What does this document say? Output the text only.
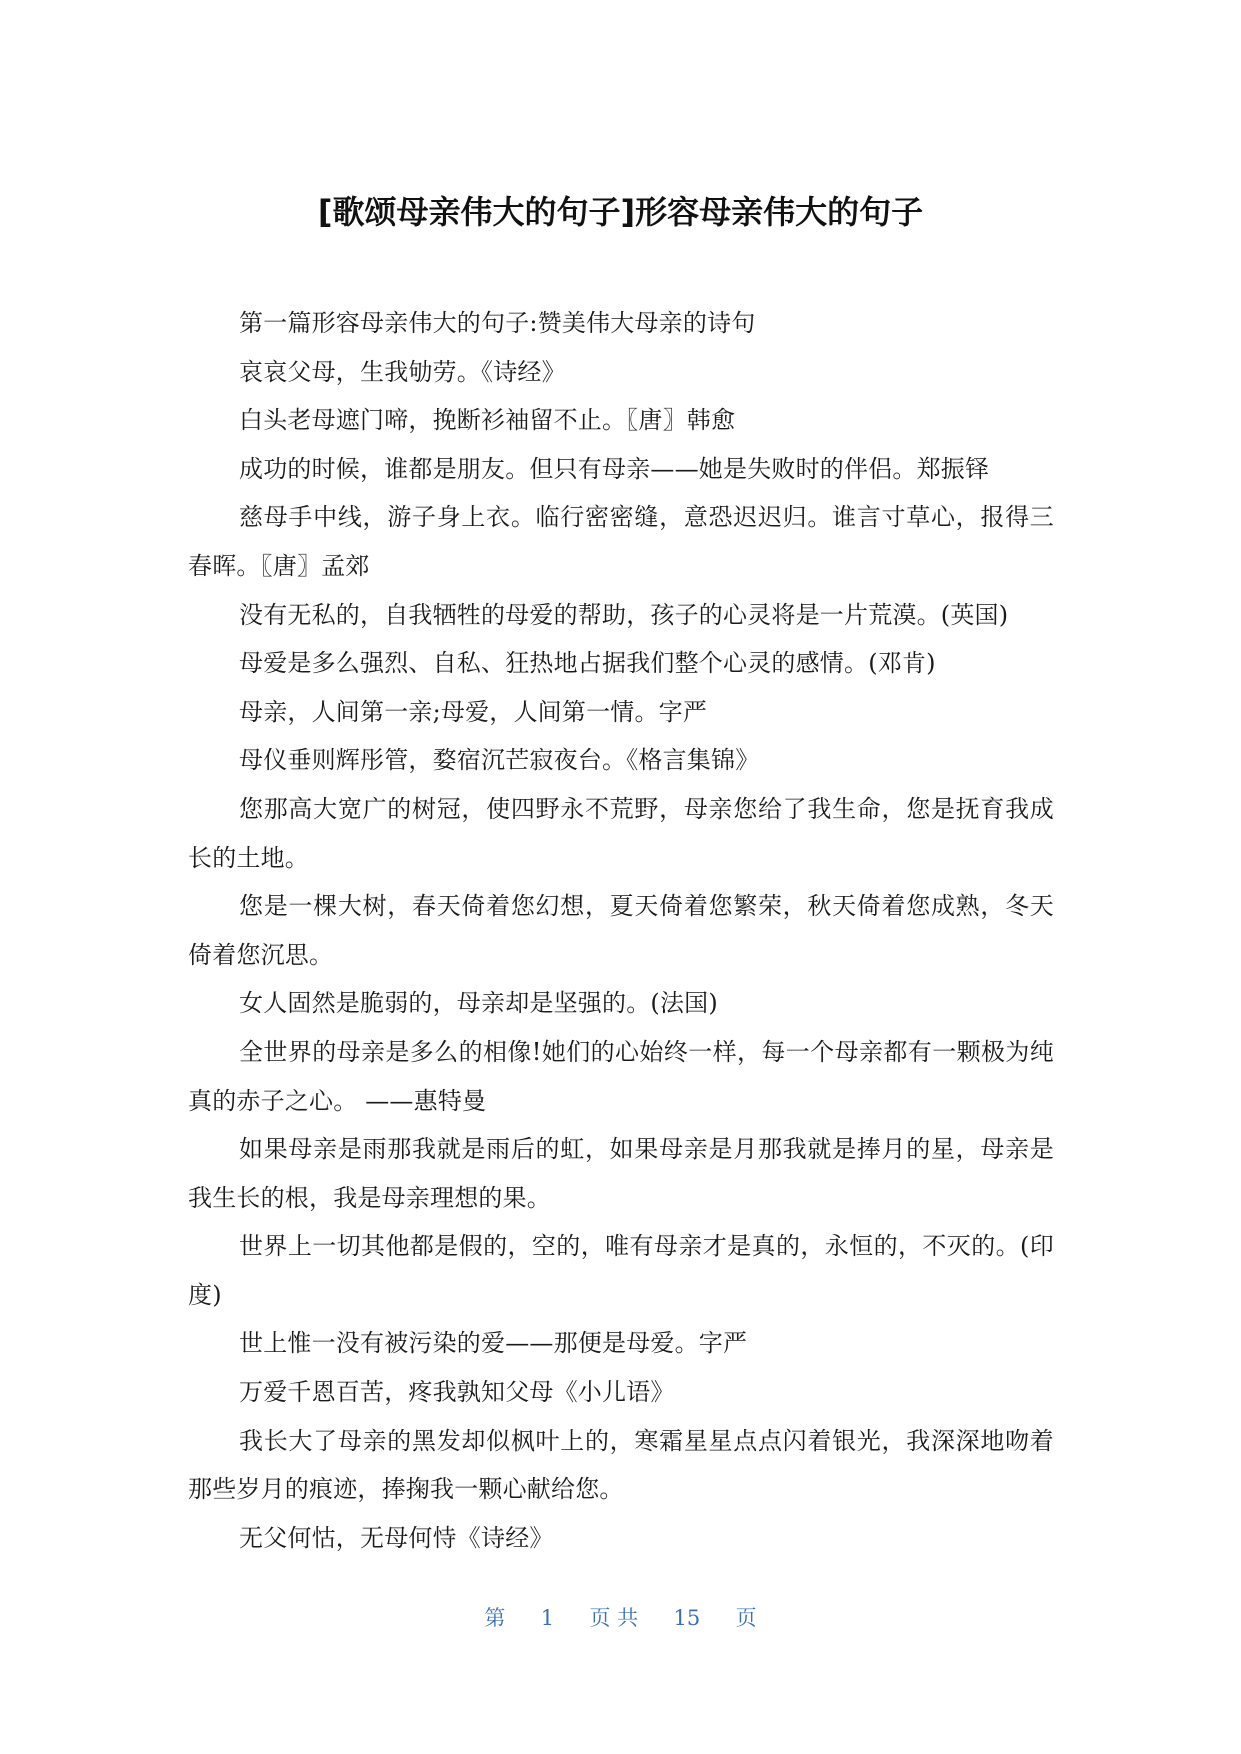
[歌颂母亲伟大的句子]形容母亲伟大的句子

第一篇形容母亲伟大的句子:赞美伟大母亲的诗句

哀哀父母，生我劬劳。《诗经》

白头老母遮门啼，挽断衫袖留不止。〖唐〗韩愈

成功的时候，谁都是朋友。但只有母亲——她是失败时的伴侣。郑振铎

慈母手中线，游子身上衣。临行密密缝，意恐迟迟归。谁言寸草心，报得三春晖。〖唐〗孟郊

没有无私的，自我牺牲的母爱的帮助，孩子的心灵将是一片荒漠。(英国)

母爱是多么强烈、自私、狂热地占据我们整个心灵的感情。(邓肯)

母亲，人间第一亲;母爱，人间第一情。字严

母仪垂则辉彤管，婺宿沉芒寂夜台。《格言集锦》

您那高大宽广的树冠，使四野永不荒野，母亲您给了我生命，您是抚育我成长的土地。

您是一棵大树，春天倚着您幻想，夏天倚着您繁荣，秋天倚着您成熟，冬天倚着您沉思。

女人固然是脆弱的，母亲却是坚强的。(法国)

全世界的母亲是多么的相像!她们的心始终一样，每一个母亲都有一颗极为纯真的赤子之心。 ——惠特曼

如果母亲是雨那我就是雨后的虹，如果母亲是月那我就是捧月的星，母亲是我生长的根，我是母亲理想的果。

世界上一切其他都是假的，空的，唯有母亲才是真的，永恒的，不灭的。(印度)

世上惟一没有被污染的爱——那便是母爱。字严

万爱千恩百苦，疼我孰知父母《小儿语》

我长大了母亲的黑发却似枫叶上的，寒霜星星点点闪着银光，我深深地吻着那些岁月的痕迹，捧掬我一颗心献给您。

无父何怙，无母何恃《诗经》

第 1 页 共 15 页
